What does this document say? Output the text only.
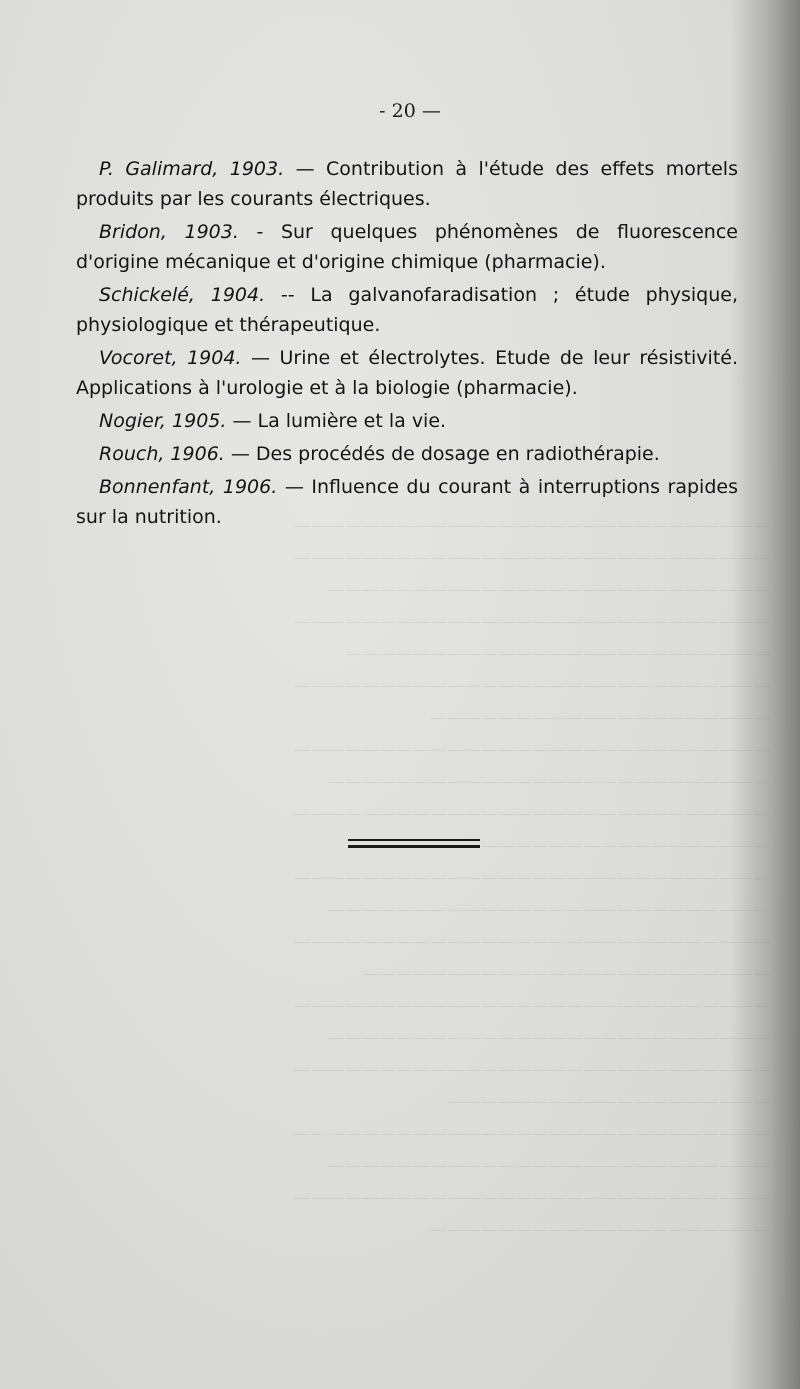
————————————————————————————
————————————————————————————
——————————————————————————
————————————————————————————
—————————————————————————
————————————————————————————
————————————————————
————————————————————————————
——————————————————————————
————————————————————————————
———————————————————————
————————————————————————————
——————————————————————————
————————————————————————————
————————————————————————
————————————————————————————
——————————————————————————
————————————————————————————
———————————————————
————————————————————————————
——————————————————————————
————————————————————————————
————————————————————
- 20 —

P. Galimard, 1903. — Contribution à l'étude des effets mortels produits par les courants électriques.

Bridon, 1903. - Sur quelques phénomènes de fluorescence d'origine mécanique et d'origine chimique (pharmacie).

Schickelé, 1904. -- La galvanofaradisation ; étude physique, physiologique et thérapeutique.

Vocoret, 1904. — Urine et électrolytes. Etude de leur résistivité. Applications à l'urologie et à la biologie (pharmacie).

Nogier, 1905. — La lumière et la vie.

Rouch, 1906. — Des procédés de dosage en radiothérapie.

Bonnenfant, 1906. — Influence du courant à interruptions rapides sur la nutrition.
